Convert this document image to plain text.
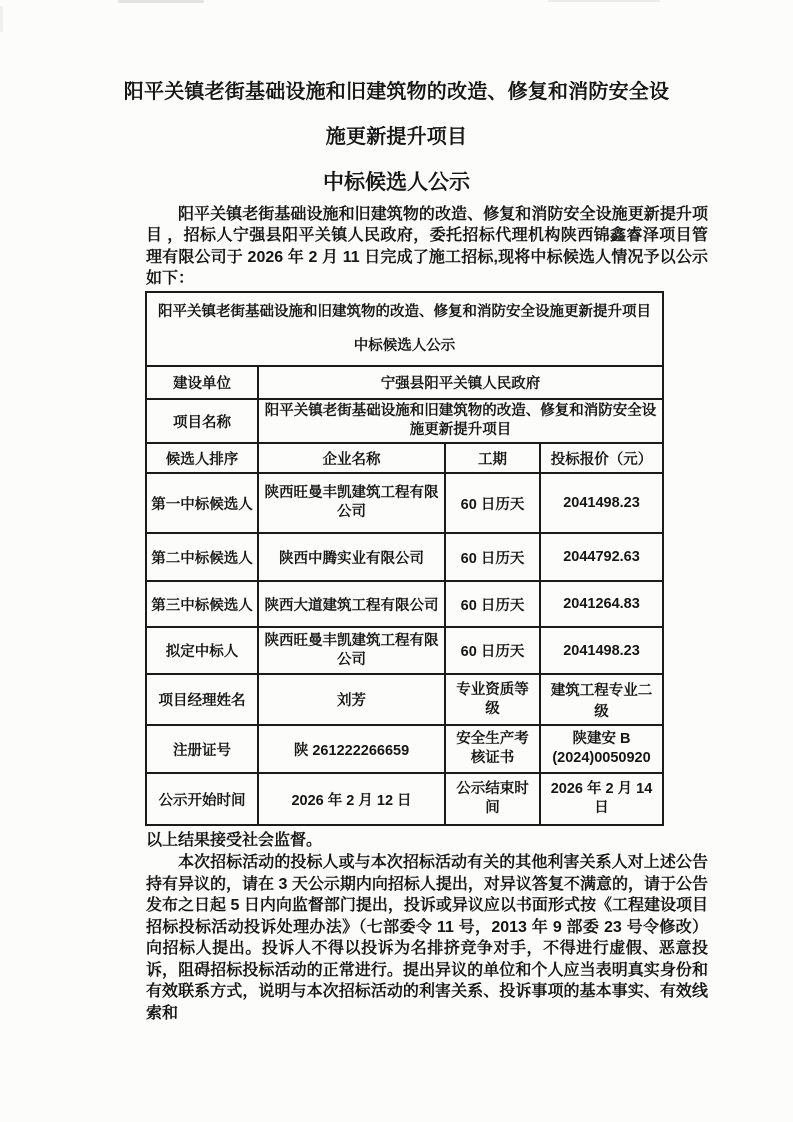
阳平关镇老街基础设施和旧建筑物的改造、修复和消防安全设施更新提升项目
中标候选人公示

阳平关镇老街基础设施和旧建筑物的改造、修复和消防安全设施更新提升项目 ，招标人宁强县阳平关镇人民政府，委托招标代理机构陕西锦鑫睿泽项目管理有限公司于 2026 年 2 月 11 日完成了施工招标,现将中标候选人情况予以公示如下：

阳平关镇老街基础设施和旧建筑物的改造、修复和消防安全设施更新提升项目中标候选人公示			
建设单位	宁强县阳平关镇人民政府		
项目名称	阳平关镇老街基础设施和旧建筑物的改造、修复和消防安全设施更新提升项目		
候选人排序	企业名称	工期	投标报价（元）
第一中标候选人	陕西旺曼丰凯建筑工程有限公司	60 日历天	2041498.23
第二中标候选人	陕西中腾实业有限公司	60 日历天	2044792.63
第三中标候选人	陕西大道建筑工程有限公司	60 日历天	2041264.83
拟定中标人	陕西旺曼丰凯建筑工程有限公司	60 日历天	2041498.23
项目经理姓名	刘芳	专业资质等级	建筑工程专业二级
注册证号	陕 261222266659	安全生产考核证书	陕建安 B (2024)0050920
公示开始时间	2026 年 2 月 12 日	公示结束时间	2026 年 2 月 14 日

以上结果接受社会监督。

本次招标活动的投标人或与本次招标活动有关的其他利害关系人对上述公告持有异议的，请在 3 天公示期内向招标人提出，对异议答复不满意的，请于公告发布之日起 5 日内向监督部门提出，投诉或异议应以书面形式按《工程建设项目招标投标活动投诉处理办法》（七部委令 11 号，2013 年 9 部委 23 号令修改）向招标人提出。投诉人不得以投诉为名排挤竞争对手，不得进行虚假、恶意投诉，阻碍招标投标活动的正常进行。提出异议的单位和个人应当表明真实身份和有效联系方式，说明与本次招标活动的利害关系、投诉事项的基本事实、有效线索和
